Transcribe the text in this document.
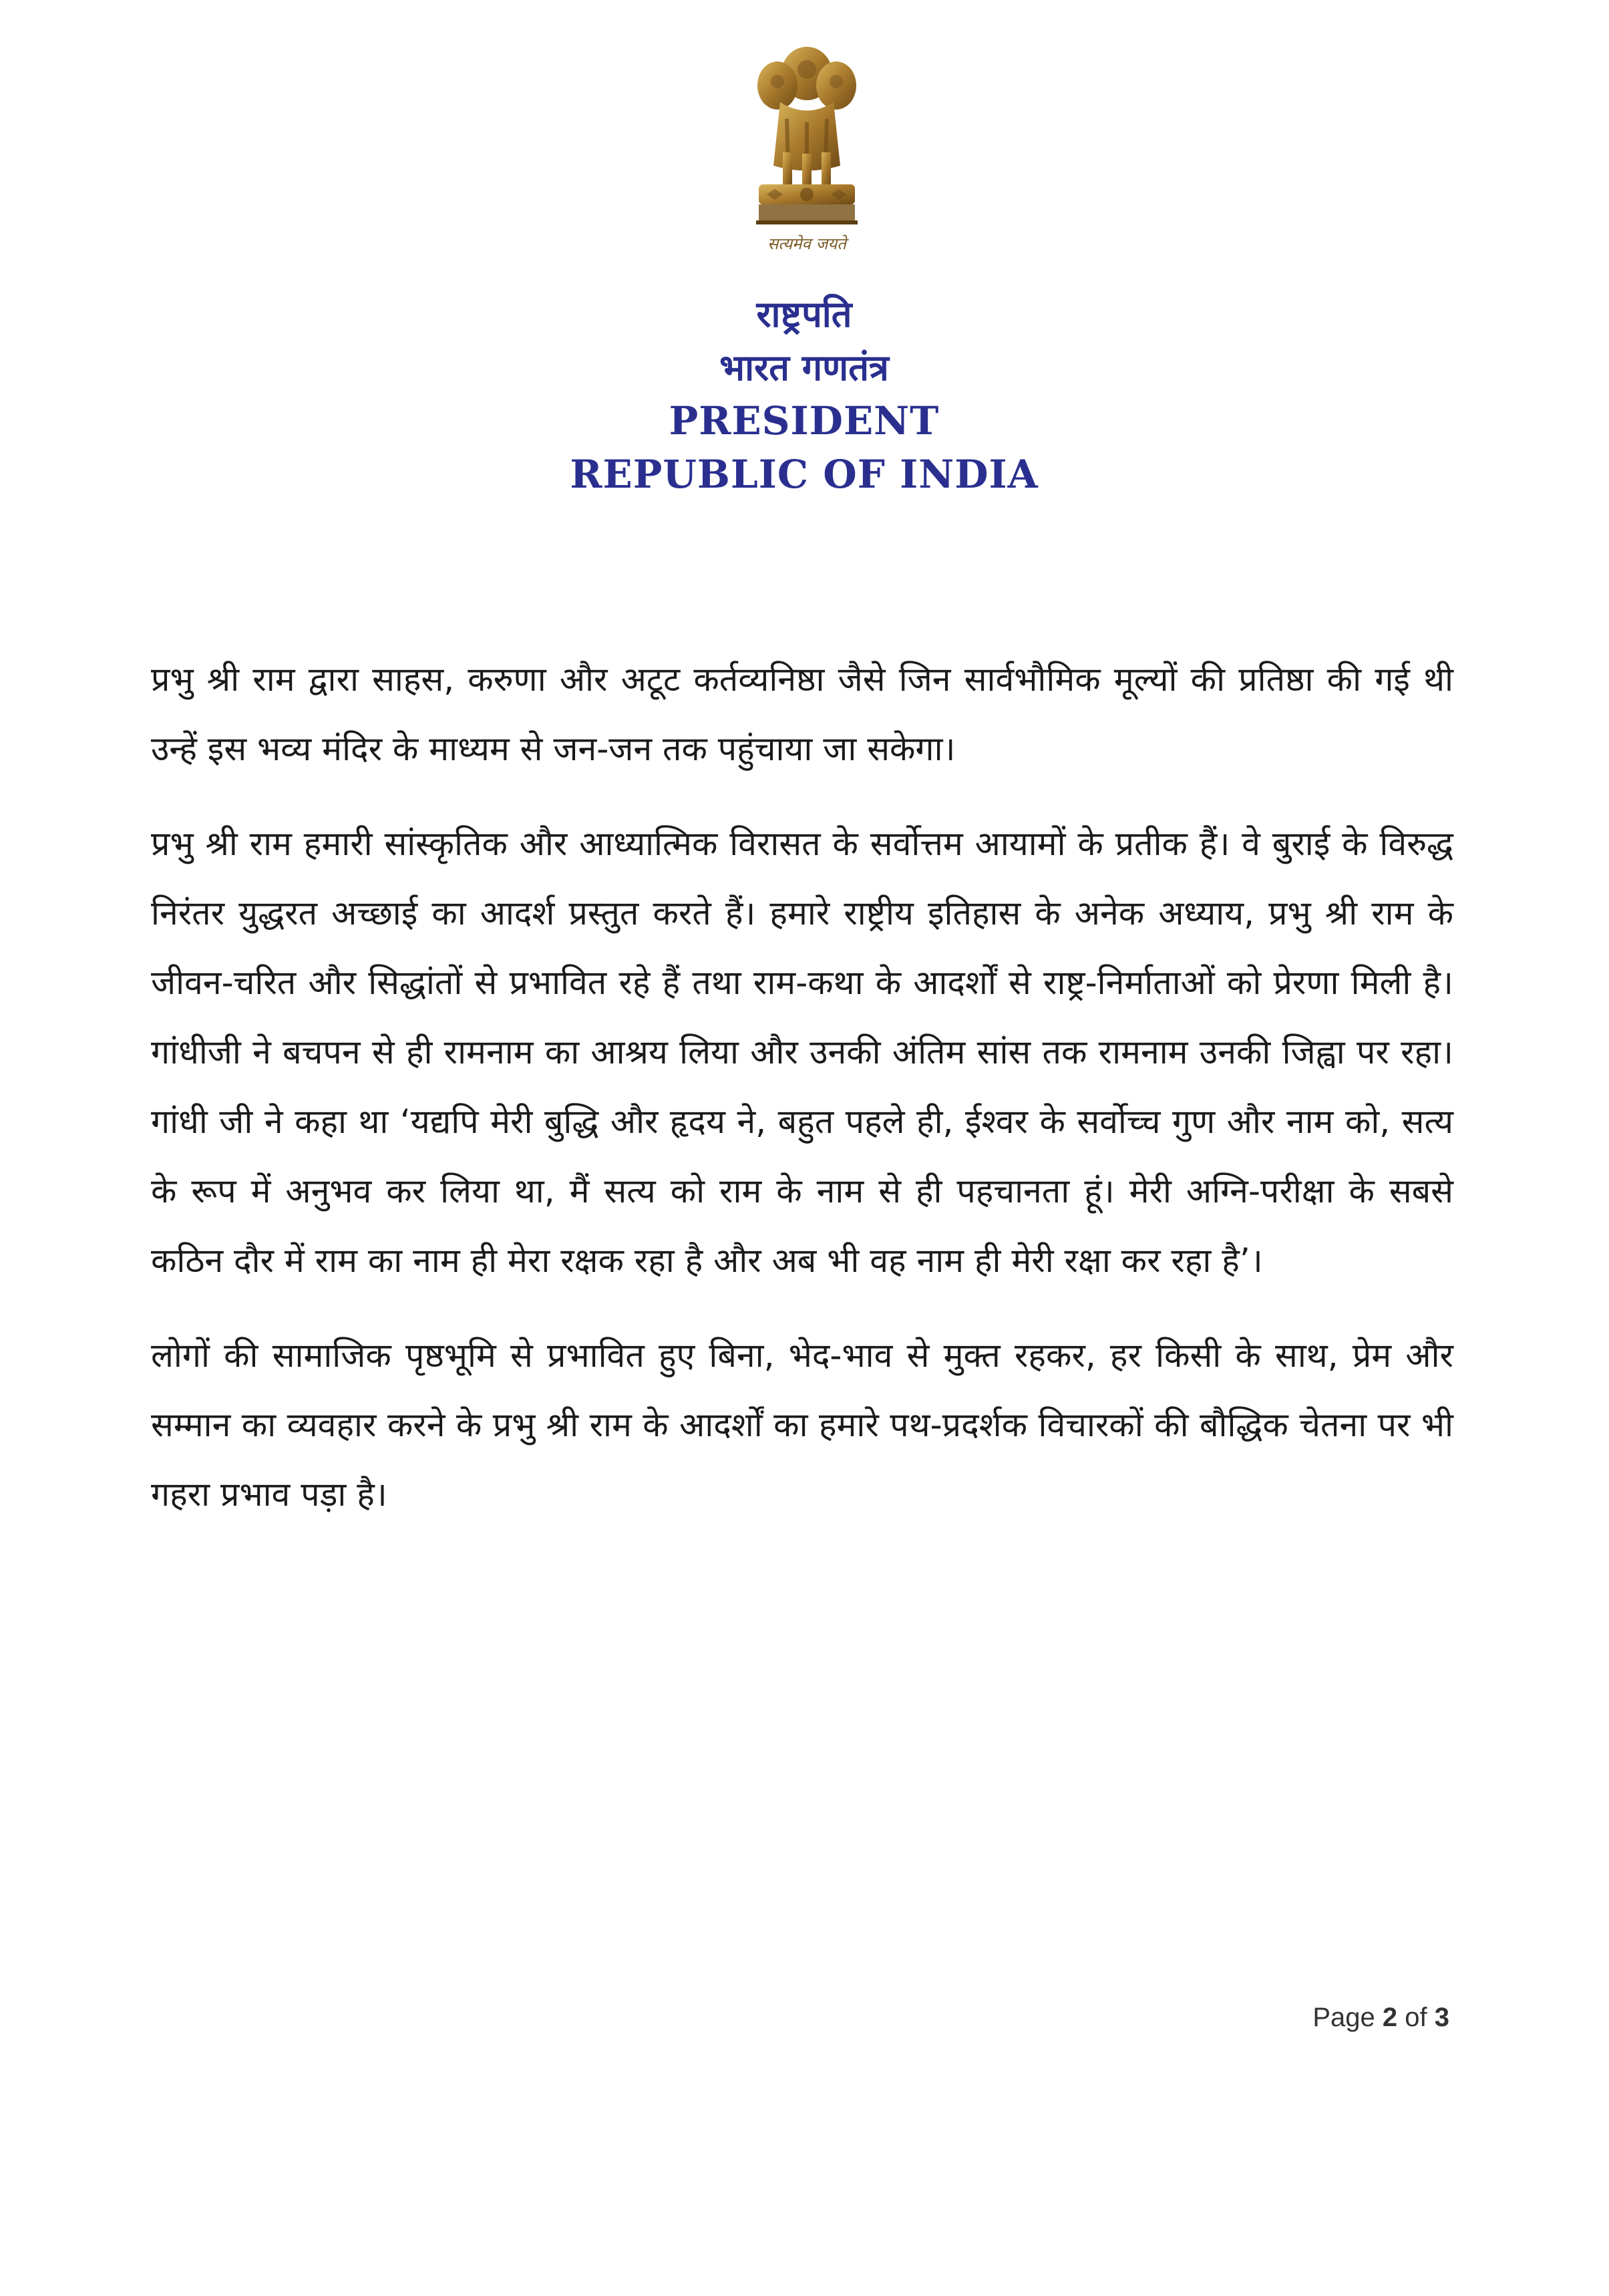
सत्यमेव जयते
राष्ट्रपति
भारत गणतंत्र
PRESIDENT
REPUBLIC OF INDIA

प्रभु श्री राम द्वारा साहस, करुणा और अटूट कर्तव्यनिष्ठा जैसे जिन सार्वभौमिक मूल्यों की प्रतिष्ठा की गई थी उन्हें इस भव्य मंदिर के माध्यम से जन-जन तक पहुंचाया जा सकेगा।

प्रभु श्री राम हमारी सांस्कृतिक और आध्यात्मिक विरासत के सर्वोत्तम आयामों के प्रतीक हैं। वे बुराई के विरुद्ध निरंतर युद्धरत अच्छाई का आदर्श प्रस्तुत करते हैं। हमारे राष्ट्रीय इतिहास के अनेक अध्याय, प्रभु श्री राम के जीवन-चरित और सिद्धांतों से प्रभावित रहे हैं तथा राम-कथा के आदर्शों से राष्ट्र-निर्माताओं को प्रेरणा मिली है। गांधीजी ने बचपन से ही रामनाम का आश्रय लिया और उनकी अंतिम सांस तक रामनाम उनकी जिह्वा पर रहा। गांधी जी ने कहा था ‘यद्यपि मेरी बुद्धि और हृदय ने, बहुत पहले ही, ईश्वर के सर्वोच्च गुण और नाम को, सत्य के रूप में अनुभव कर लिया था, मैं सत्य को राम के नाम से ही पहचानता हूं। मेरी अग्नि-परीक्षा के सबसे कठिन दौर में राम का नाम ही मेरा रक्षक रहा है और अब भी वह नाम ही मेरी रक्षा कर रहा है’।

लोगों की सामाजिक पृष्ठभूमि से प्रभावित हुए बिना, भेद-भाव से मुक्त रहकर, हर किसी के साथ, प्रेम और सम्मान का व्यवहार करने के प्रभु श्री राम के आदर्शों का हमारे पथ-प्रदर्शक विचारकों की बौद्धिक चेतना पर भी गहरा प्रभाव पड़ा है।

Page 2 of 3
